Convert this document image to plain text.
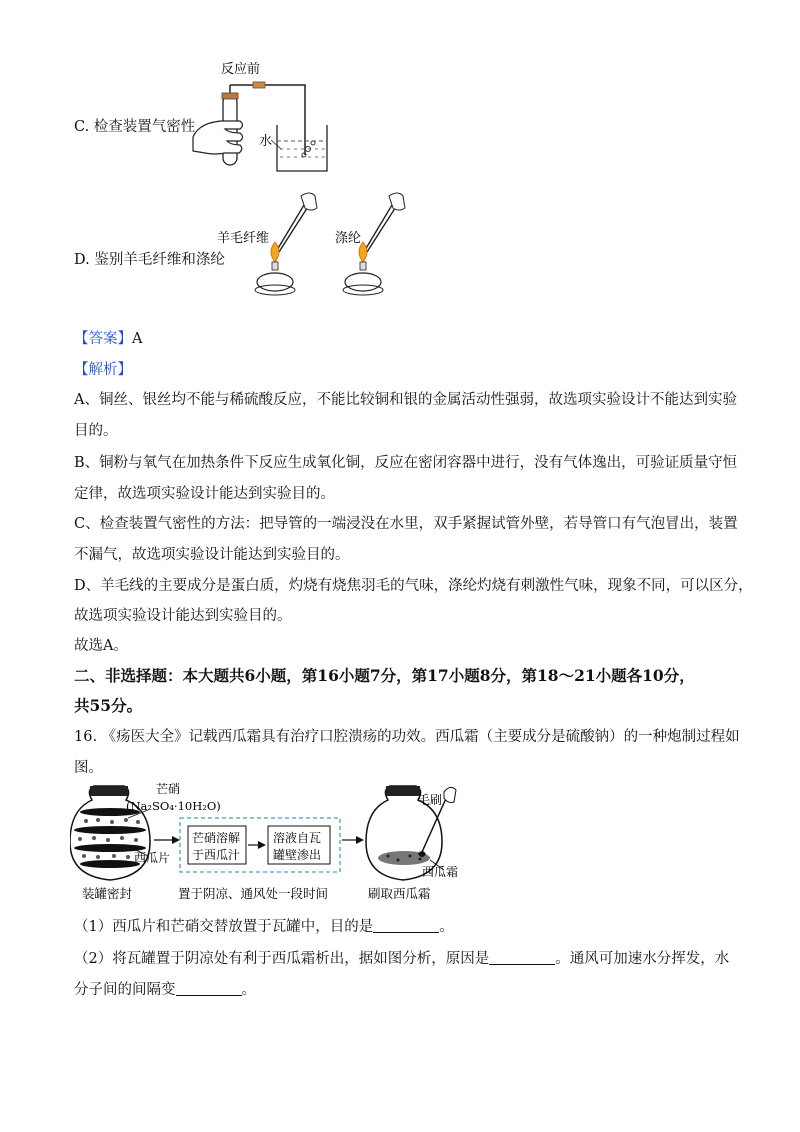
反应前
水
C. 检查装置气密性
羊毛纤维	涤纶
D. 鉴别羊毛纤维和涤纶
【答案】A
【解析】
A、铜丝、银丝均不能与稀硫酸反应，不能比较铜和银的金属活动性强弱，故选项实验设计不能达到实验
目的。
B、铜粉与氧气在加热条件下反应生成氧化铜，反应在密闭容器中进行，没有气体逸出，可验证质量守恒
定律，故选项实验设计能达到实验目的。
C、检查装置气密性的方法：把导管的一端浸没在水里，双手紧握试管外壁，若导管口有气泡冒出，装置
不漏气，故选项实验设计能达到实验目的。
D、羊毛线的主要成分是蛋白质，灼烧有烧焦羽毛的气味，涤纶灼烧有刺激性气味，现象不同，可以区分，
故选项实验设计能达到实验目的。
故选A。
二、非选择题：本大题共6小题，第16小题7分，第17小题8分，第18～21小题各10分，
共55分。
16. 《疡医大全》记载西瓜霜具有治疗口腔溃疡的功效。西瓜霜（主要成分是硫酸钠）的一种炮制过程如
图。
芒硝
(Na₂SO₄·10H₂O)
西瓜片
芒硝溶解
于西瓜汁
溶液自瓦
罐壁渗出
毛刷
西瓜霜
装罐密封	置于阴凉、通风处一段时间	刷取西瓜霜
（1）西瓜片和芒硝交替放置于瓦罐中，目的是	。
（2）将瓦罐置于阴凉处有利于西瓜霜析出，据如图分析，原因是	。通风可加速水分挥发，水
分子间的间隔变	。
